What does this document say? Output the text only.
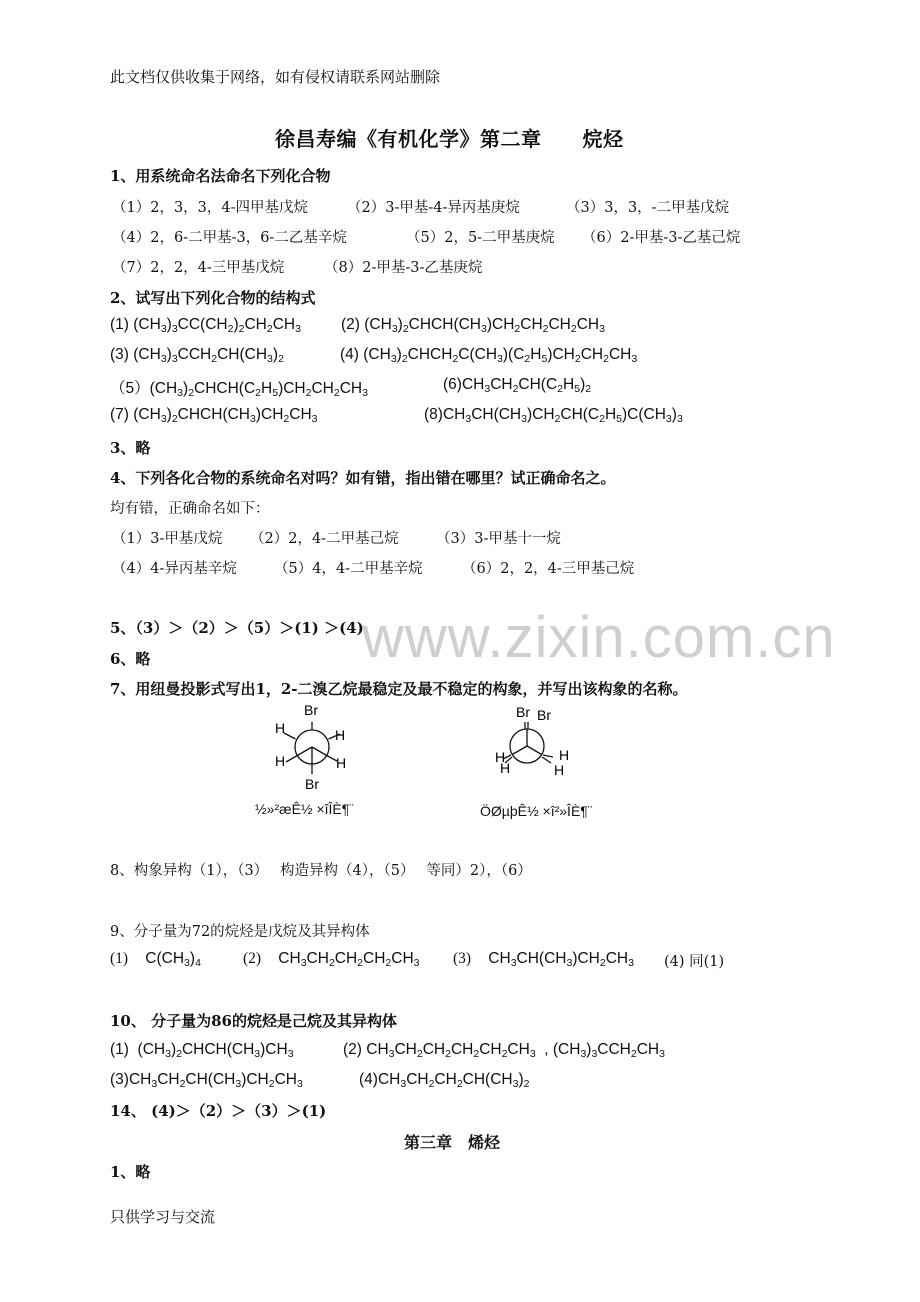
www.zixin.com.cn
此文档仅供收集于网络，如有侵权请联系网站删除
徐昌寿编《有机化学》第二章　　烷烃
1、用系统命名法命名下列化合物
（1）2，3，3，4-四甲基戊烷	（2）3-甲基-4-异丙基庚烷	（3）3，3，-二甲基戊烷
（4）2，6-二甲基-3，6-二乙基辛烷	（5）2，5-二甲基庚烷 （6）2-甲基-3-乙基己烷
（7）2，2，4-三甲基戊烷	（8）2-甲基-3-乙基庚烷
2、试写出下列化合物的结构式
(1) $(CH_3)_3CC(CH_2)_2CH_2CH_3$	(2) $(CH_3)_2CHCH(CH_3)CH_2CH_2CH_2CH_3$
(3) $(CH_3)_3CCH_2CH(CH_3)_2$	(4) $(CH_3)_2CHCH_2C(CH_3)(C_2H_5)CH_2CH_2CH_3$
$(5)(CH_3)_2CHCH(C_2H_5)CH_2CH_2CH_3$	$(6)CH_3CH_2CH(C_2H_5)_2$
(7) $(CH_3)_2CHCH(CH_3)CH_2CH_3$	$(8)CH_3CH(CH_3)CH_2CH(C_2H_5)C(CH_3)_3$
3、略
4、下列各化合物的系统命名对吗？如有错，指出错在哪里？试正确命名之。
均有错，正确命名如下：
（1）3-甲基戊烷 （2）2，4-二甲基己烷	（3）3-甲基十一烷
（4）4-异丙基辛烷	（5）4，4-二甲基辛烷	（6）2，2，4-三甲基己烷
5、（3）＞（2）＞（5）＞(1) ＞(4)
6、略
7、用纽曼投影式写出1，2-二溴乙烷最稳定及最不稳定的构象，并写出该构象的名称。
Br
H	H
H	H
Br
½»²æÊ½ ×îÎÈ¶¨
Br Br
H
H
H
H
ÖØµþÊ½ ×î²»ÎÈ¶¨
8、构象异构（1），（3）　 构造异构（4），（5）　 等同）2），（6）
9、分子量为72的烷烃是戊烷及其异构体
(1)    $C(CH_3)_4$	(2)    $CH_3CH_2CH_2CH_2CH_3$ (3)    $CH_3CH(CH_3)CH_2CH_3$ (4) 同(1)
10、 分子量为86的烷烃是己烷及其异构体
(1)  $(CH_3)_2CHCH(CH_3)CH_3$	(2) $CH_3CH_2CH_2CH_2CH_2CH_3$  , $(CH_3)_3CCH_2CH_3$
$(3)CH_3CH_2CH(CH_3)CH_2CH_3$	$(4)CH_3CH_2CH_2CH(CH_3)_2$
14、 (4)＞（2）＞（3）＞(1)
第三章　烯烃
1、略
只供学习与交流
